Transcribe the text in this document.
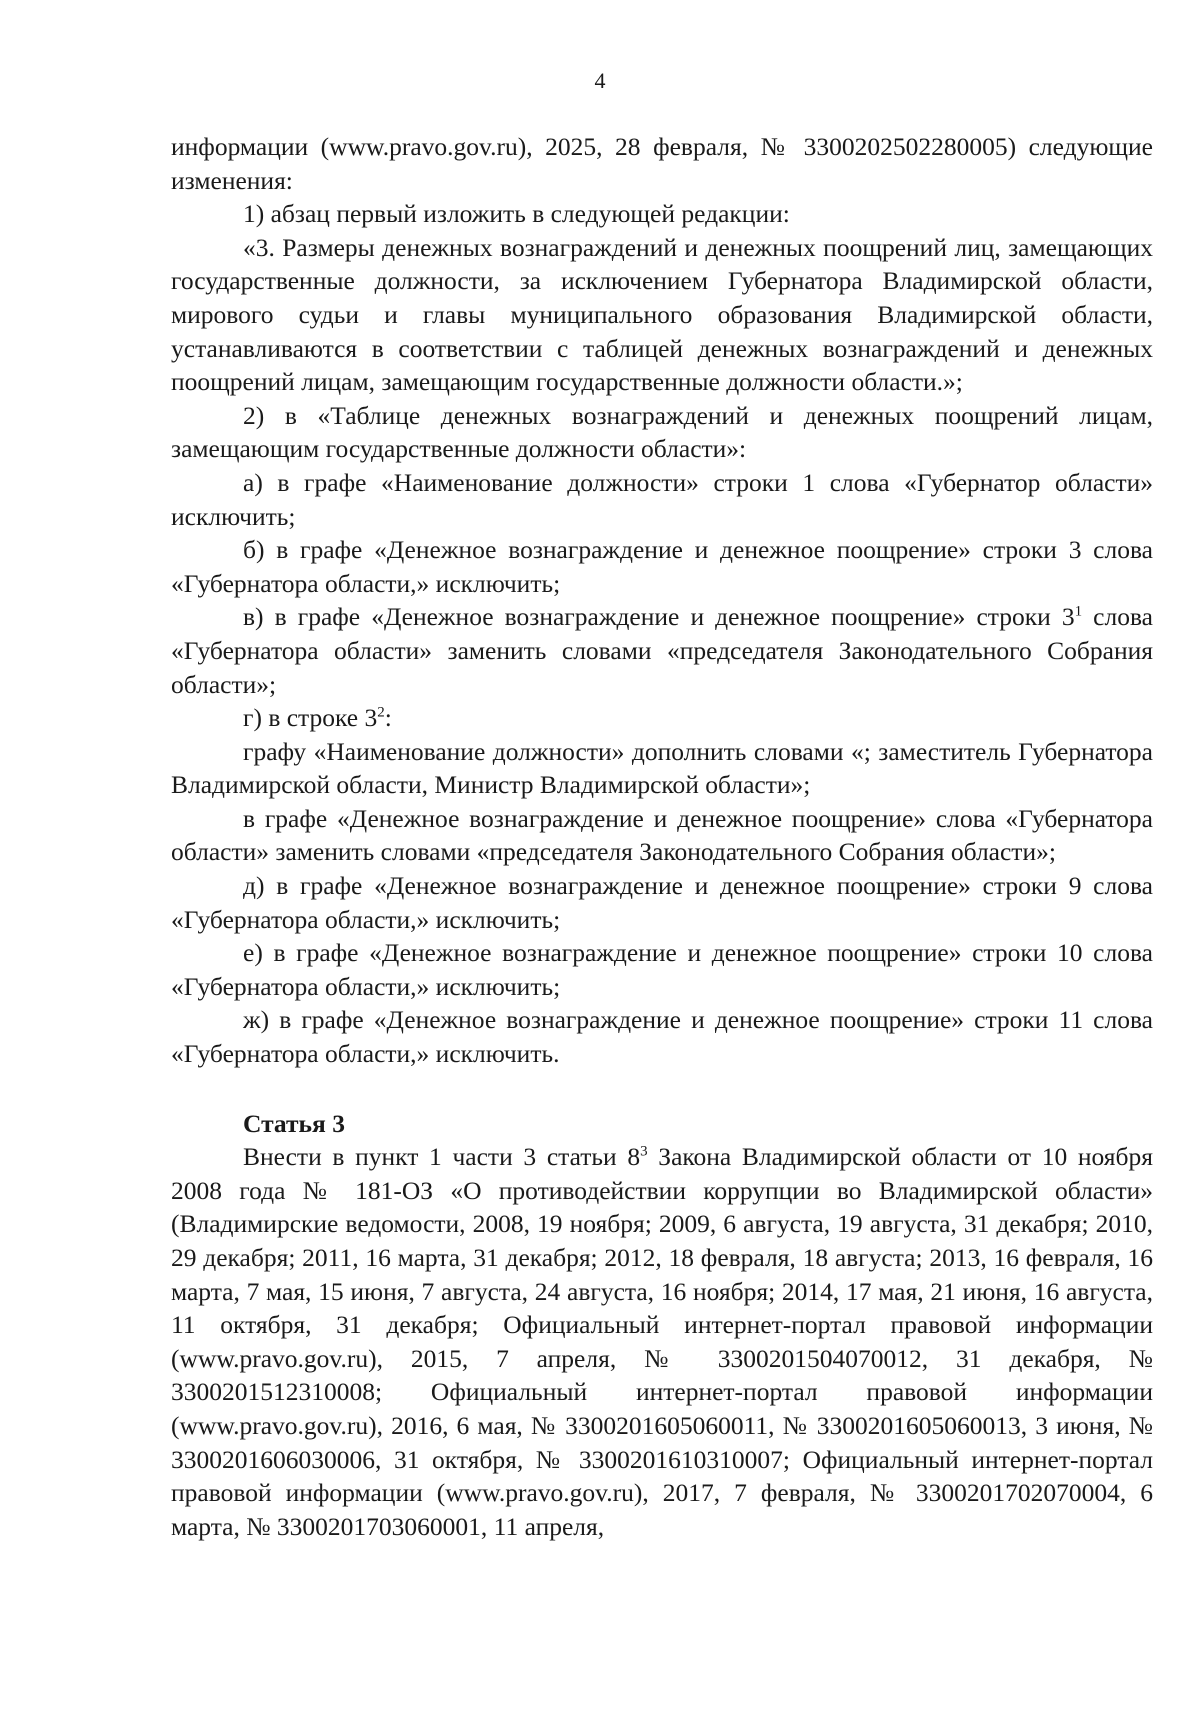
4

информации (www.pravo.gov.ru), 2025, 28 февраля, № 3300202502280005) следующие изменения:

1) абзац первый изложить в следующей редакции:

«3. Размеры денежных вознаграждений и денежных поощрений лиц, замещающих государственные должности, за исключением Губернатора Владимирской области, мирового судьи и главы муниципального образования Владимирской области, устанавливаются в соответствии с таблицей денежных вознаграждений и денежных поощрений лицам, замещающим государственные должности области.»;

2) в «Таблице денежных вознаграждений и денежных поощрений лицам, замещающим государственные должности области»:

а) в графе «Наименование должности» строки 1 слова «Губернатор области» исключить;

б) в графе «Денежное вознаграждение и денежное поощрение» строки 3 слова «Губернатора области,» исключить;

в) в графе «Денежное вознаграждение и денежное поощрение» строки $3^1$ слова «Губернатора области» заменить словами «председателя Законодательного Собрания области»;

г) в строке $3^2$:

графу «Наименование должности» дополнить словами «; заместитель Губернатора Владимирской области, Министр Владимирской области»;

в графе «Денежное вознаграждение и денежное поощрение» слова «Губернатора области» заменить словами «председателя Законодательного Собрания области»;

д) в графе «Денежное вознаграждение и денежное поощрение» строки 9 слова «Губернатора области,» исключить;

е) в графе «Денежное вознаграждение и денежное поощрение» строки 10 слова «Губернатора области,» исключить;

ж) в графе «Денежное вознаграждение и денежное поощрение» строки 11 слова «Губернатора области,» исключить.

Статья 3

Внести в пункт 1 части 3 статьи $8^3$ Закона Владимирской области от 10 ноября 2008 года № 181-ОЗ «О противодействии коррупции во Владимирской области» (Владимирские ведомости, 2008, 19 ноября; 2009, 6 августа, 19 августа, 31 декабря; 2010, 29 декабря; 2011, 16 марта, 31 декабря; 2012, 18 февраля, 18 августа; 2013, 16 февраля, 16 марта, 7 мая, 15 июня, 7 августа, 24 августа, 16 ноября; 2014, 17 мая, 21 июня, 16 августа, 11 октября, 31 декабря; Официальный интернет-портал правовой информации (www.pravo.gov.ru), 2015, 7 апреля, № 3300201504070012, 31 декабря, № 3300201512310008; Официальный интернет-портал правовой информации (www.pravo.gov.ru), 2016, 6 мая, № 3300201605060011, № 3300201605060013, 3 июня, № 3300201606030006, 31 октября, № 3300201610310007; Официальный интернет-портал правовой информации (www.pravo.gov.ru), 2017, 7 февраля, № 3300201702070004, 6 марта, № 3300201703060001, 11 апреля,
